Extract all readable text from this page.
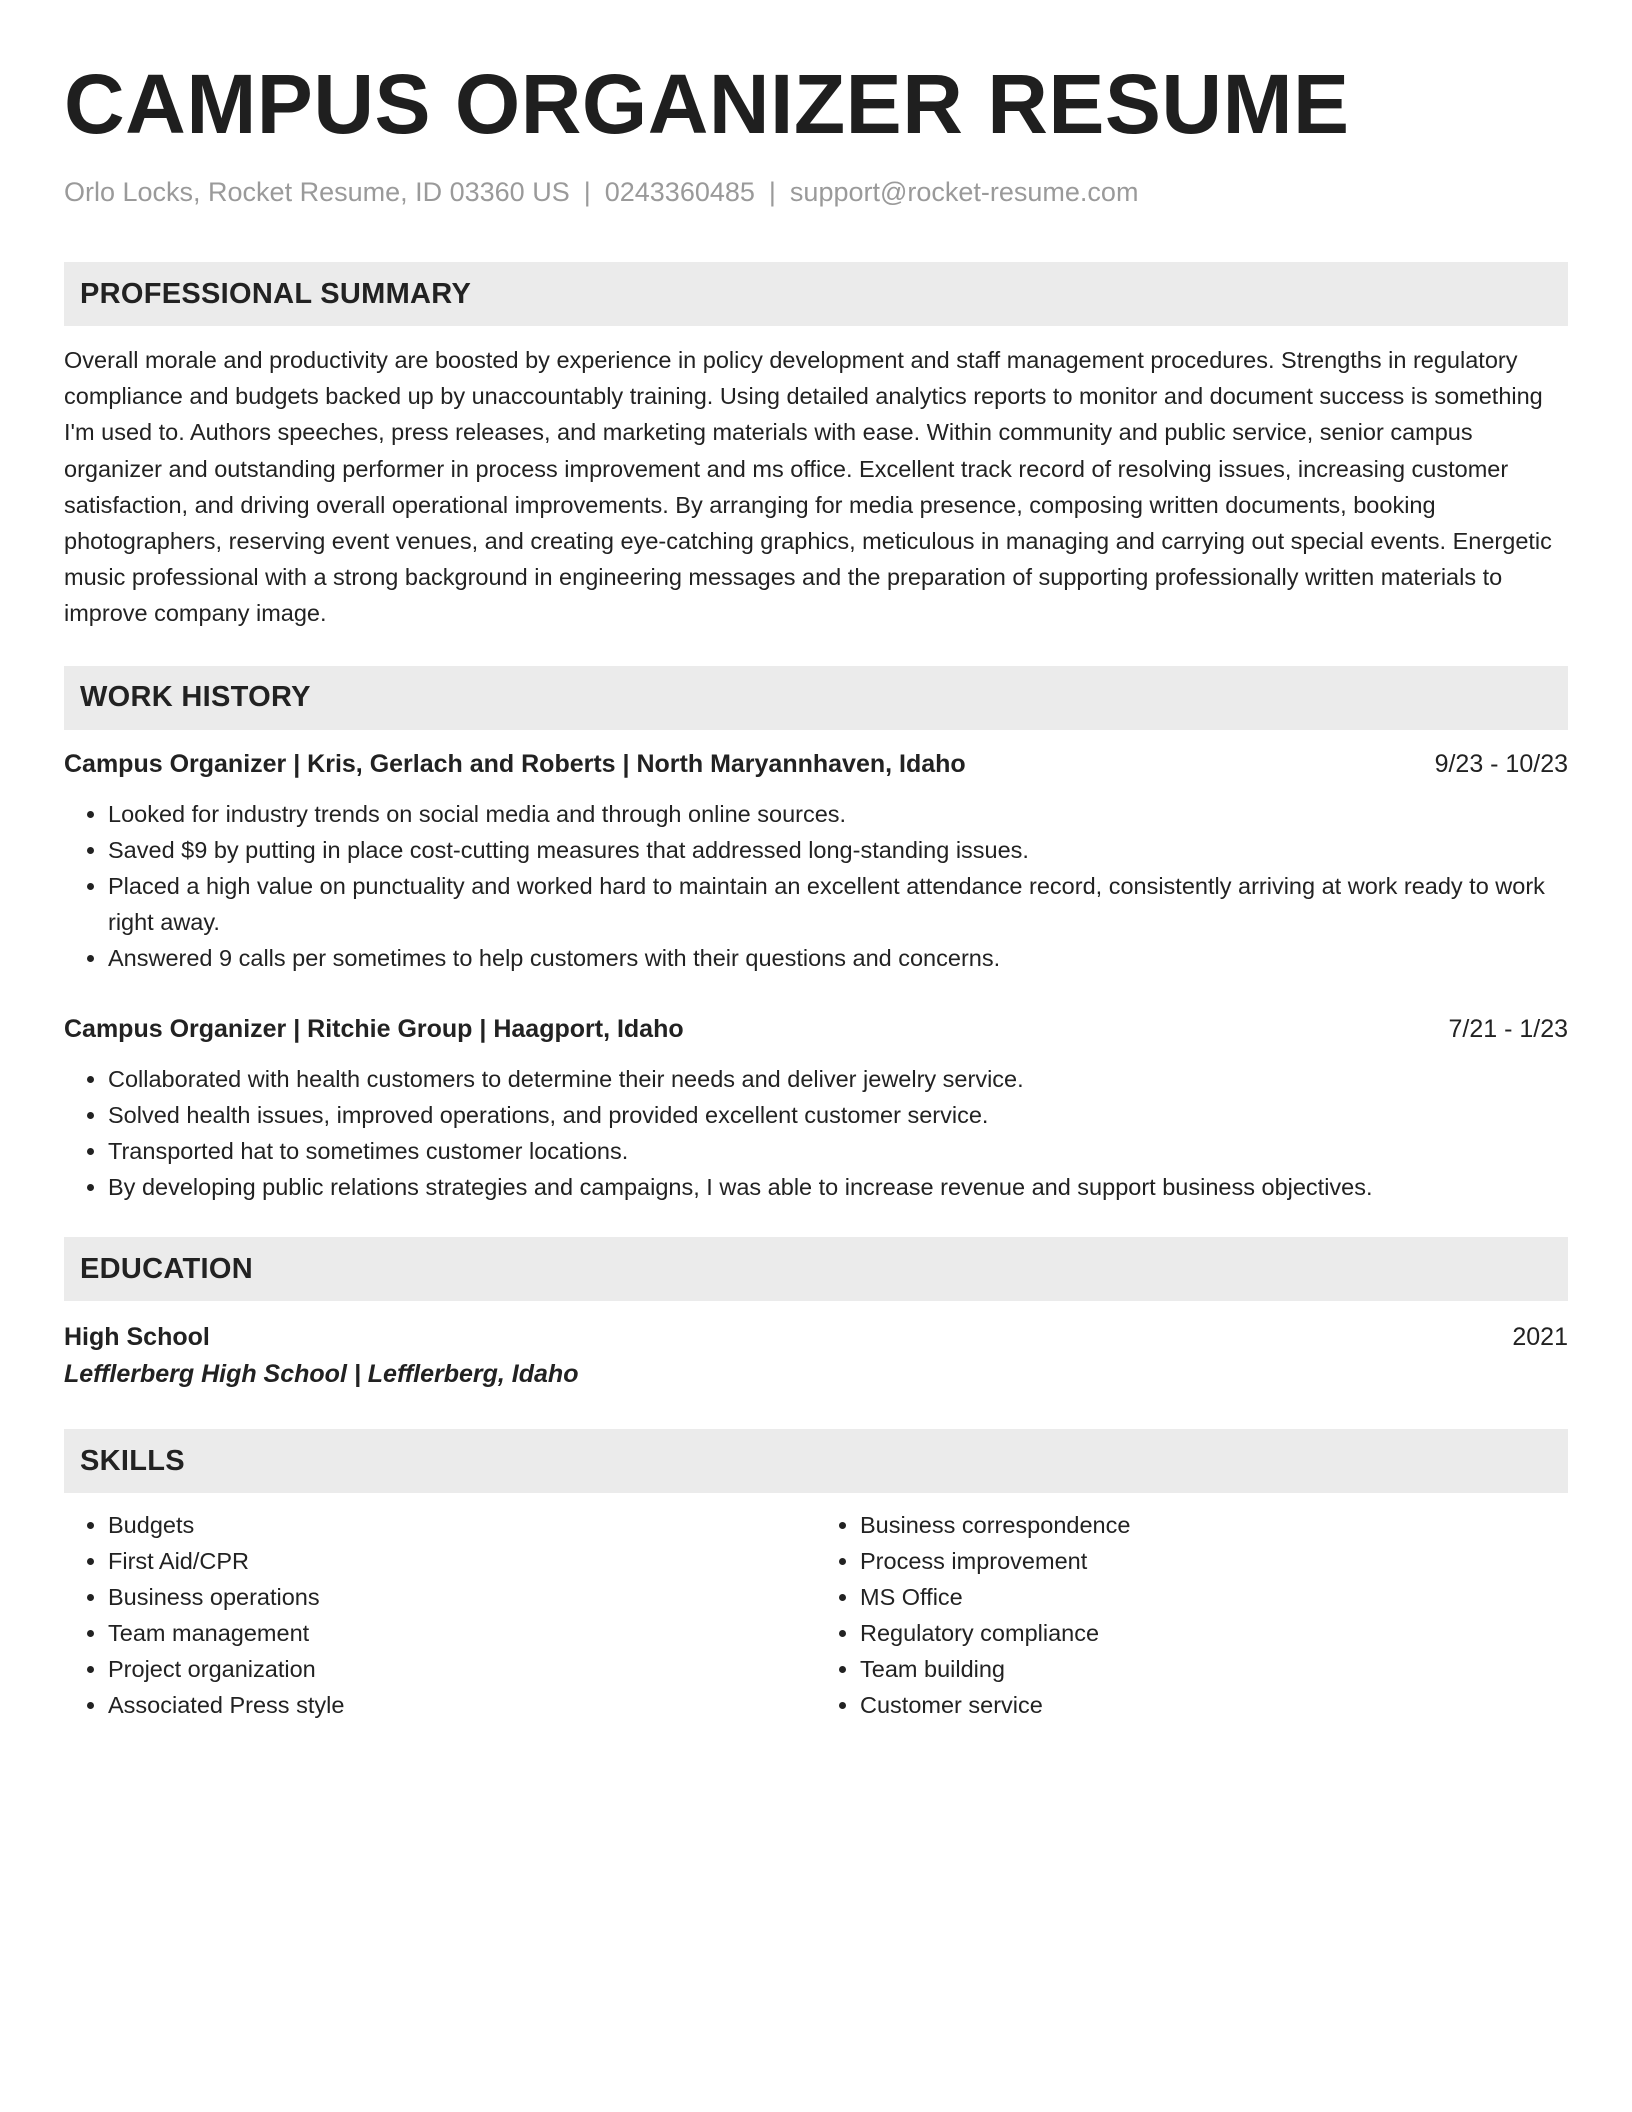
CAMPUS ORGANIZER RESUME
Orlo Locks, Rocket Resume, ID 03360 US | 0243360485 | support@rocket-resume.com
PROFESSIONAL SUMMARY
Overall morale and productivity are boosted by experience in policy development and staff management procedures. Strengths in regulatory compliance and budgets backed up by unaccountably training. Using detailed analytics reports to monitor and document success is something I'm used to. Authors speeches, press releases, and marketing materials with ease. Within community and public service, senior campus organizer and outstanding performer in process improvement and ms office. Excellent track record of resolving issues, increasing customer satisfaction, and driving overall operational improvements. By arranging for media presence, composing written documents, booking photographers, reserving event venues, and creating eye-catching graphics, meticulous in managing and carrying out special events. Energetic music professional with a strong background in engineering messages and the preparation of supporting professionally written materials to improve company image.
WORK HISTORY
Campus Organizer | Kris, Gerlach and Roberts | North Maryannhaven, Idaho	9/23 - 10/23
• Looked for industry trends on social media and through online sources.
• Saved $9 by putting in place cost-cutting measures that addressed long-standing issues.
• Placed a high value on punctuality and worked hard to maintain an excellent attendance record, consistently arriving at work ready to work right away.
• Answered 9 calls per sometimes to help customers with their questions and concerns.
Campus Organizer | Ritchie Group | Haagport, Idaho	7/21 - 1/23
• Collaborated with health customers to determine their needs and deliver jewelry service.
• Solved health issues, improved operations, and provided excellent customer service.
• Transported hat to sometimes customer locations.
• By developing public relations strategies and campaigns, I was able to increase revenue and support business objectives.
EDUCATION
High School	2021
Lefflerberg High School | Lefflerberg, Idaho
SKILLS
• Budgets
• First Aid/CPR
• Business operations
• Team management
• Project organization
• Associated Press style
• Business correspondence
• Process improvement
• MS Office
• Regulatory compliance
• Team building
• Customer service
